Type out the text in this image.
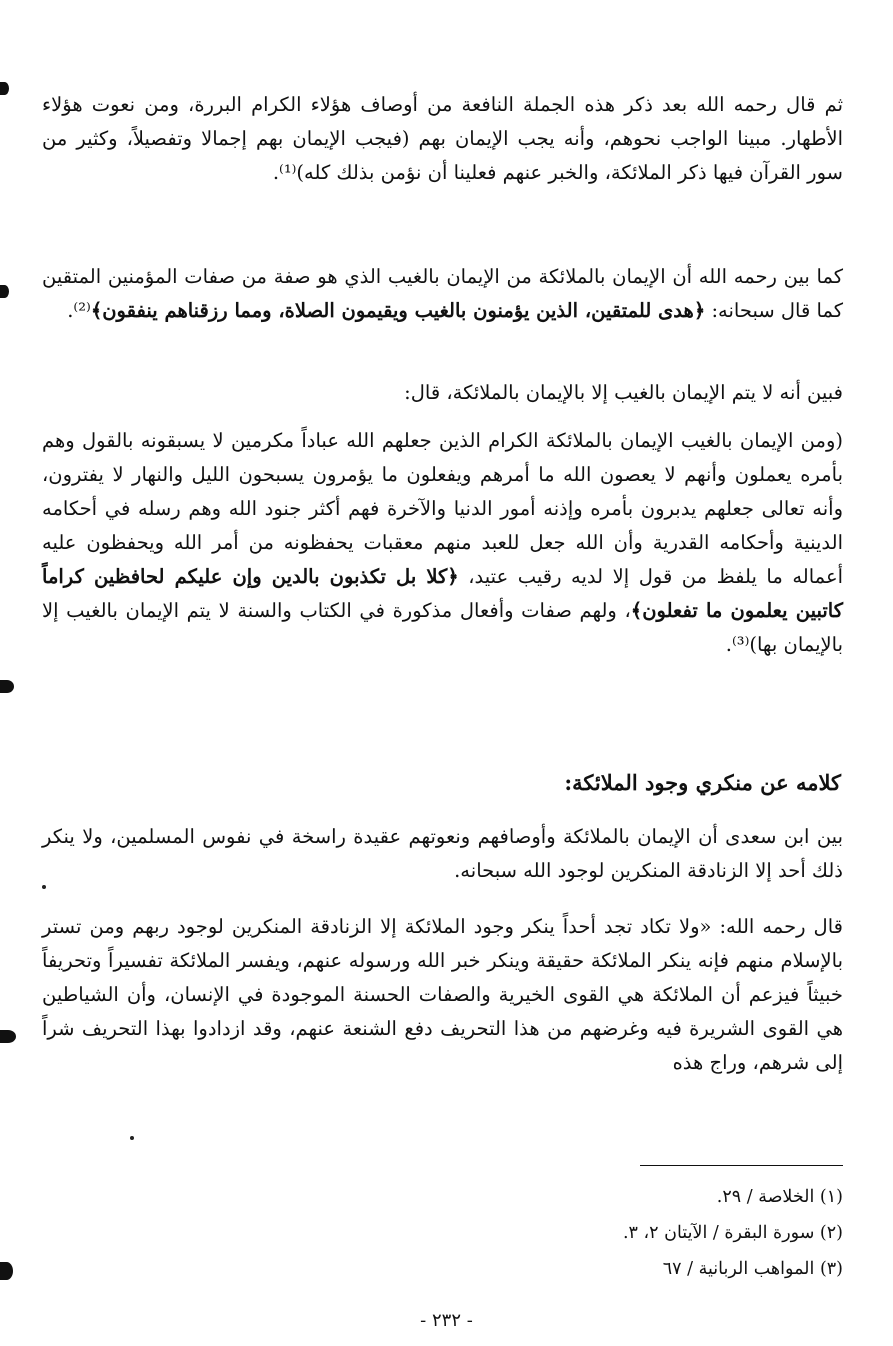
ثم قال رحمه الله بعد ذكر هذه الجملة النافعة من أوصاف هؤلاء الكرام البررة، ومن نعوت هؤلاء الأطهار. مبينا الواجب نحوهم، وأنه يجب الإيمان بهم (فيجب الإيمان بهم إجمالا وتفصيلاً، وكثير من سور القرآن فيها ذكر الملائكة، والخبر عنهم فعلينا أن نؤمن بذلك كله)⁽¹⁾.

كما بين رحمه الله أن الإيمان بالملائكة من الإيمان بالغيب الذي هو صفة من صفات المؤمنين المتقين كما قال سبحانه: ﴿هدى للمتقين، الذين يؤمنون بالغيب ويقيمون الصلاة، ومما رزقناهم ينفقون﴾⁽²⁾.

فبين أنه لا يتم الإيمان بالغيب إلا بالإيمان بالملائكة، قال:

(ومن الإيمان بالغيب الإيمان بالملائكة الكرام الذين جعلهم الله عباداً مكرمين لا يسبقونه بالقول وهم بأمره يعملون وأنهم لا يعصون الله ما أمرهم ويفعلون ما يؤمرون يسبحون الليل والنهار لا يفترون، وأنه تعالى جعلهم يدبرون بأمره وإذنه أمور الدنيا والآخرة فهم أكثر جنود الله وهم رسله في أحكامه الدينية وأحكامه القدرية وأن الله جعل للعبد منهم معقبات يحفظونه من أمر الله ويحفظون عليه أعماله ما يلفظ من قول إلا لديه رقيب عتيد، ﴿كلا بل تكذبون بالدين وإن عليكم لحافظين كراماً كاتبين يعلمون ما تفعلون﴾، ولهم صفات وأفعال مذكورة في الكتاب والسنة لا يتم الإيمان بالغيب إلا بالإيمان بها)⁽³⁾.

كلامه عن منكري وجود الملائكة:

بين ابن سعدى أن الإيمان بالملائكة وأوصافهم ونعوتهم عقيدة راسخة في نفوس المسلمين، ولا ينكر ذلك أحد إلا الزنادقة المنكرين لوجود الله سبحانه.

قال رحمه الله: «ولا تكاد تجد أحداً ينكر وجود الملائكة إلا الزنادقة المنكرين لوجود ربهم ومن تستر بالإسلام منهم فإنه ينكر الملائكة حقيقة وينكر خبر الله ورسوله عنهم، ويفسر الملائكة تفسيراً وتحريفاً خبيثاً فيزعم أن الملائكة هي القوى الخيرية والصفات الحسنة الموجودة في الإنسان، وأن الشياطين هي القوى الشريرة فيه وغرضهم من هذا التحريف دفع الشنعة عنهم، وقد ازدادوا بهذا التحريف شراً إلى شرهم، وراج هذه

(١) الخلاصة / ٢٩.

(٢) سورة البقرة / الآيتان ٢، ٣.

(٣) المواهب الربانية / ٦٧

- ٢٣٢ -
